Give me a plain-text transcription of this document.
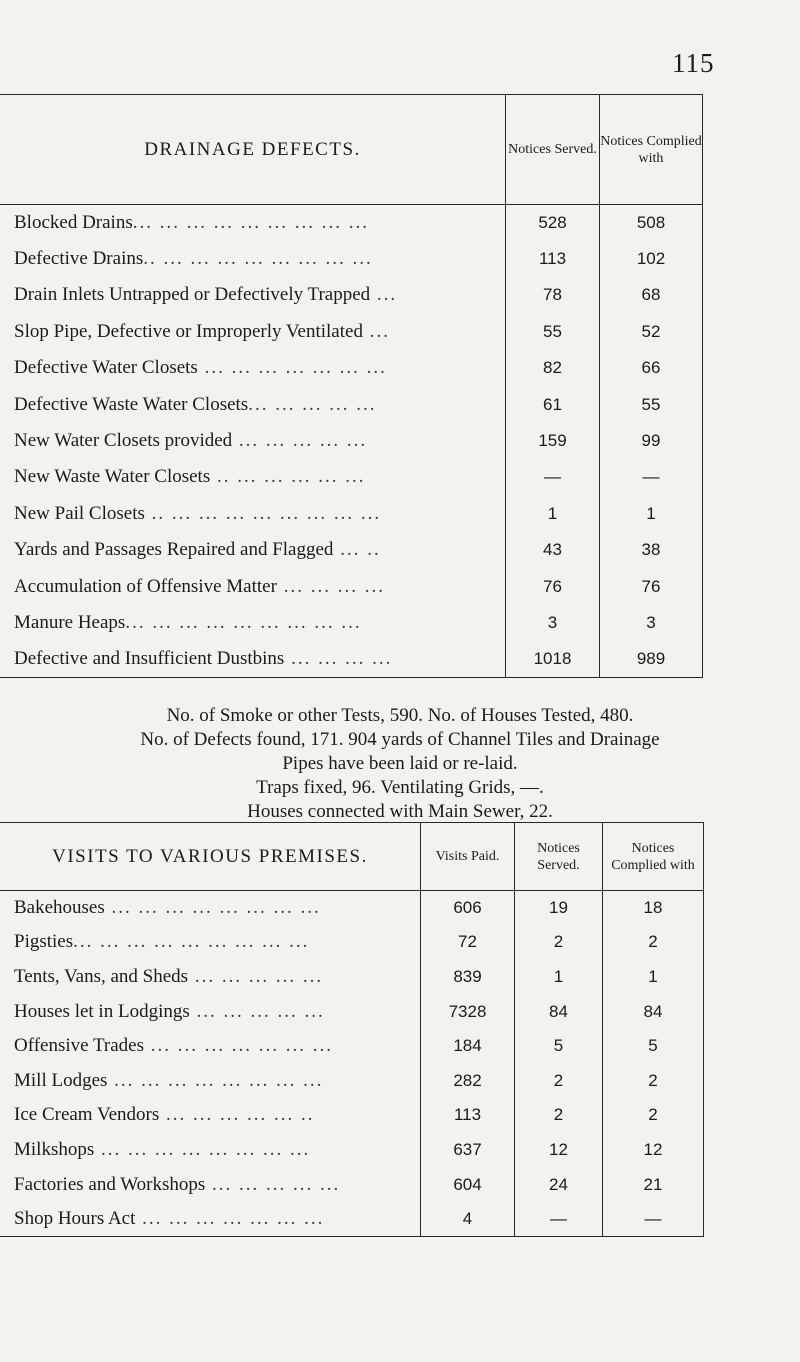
115
DRAINAGE DEFECTS.	Notices Served.	Notices Complied with
Blocked Drains... ... ... ... ... ... ... ... ...	528	508
Defective Drains.. ... ... ... ... ... ... ... ...	113	102
Drain Inlets Untrapped or Defectively Trapped ...	78	68
Slop Pipe, Defective or Improperly Ventilated ...	55	52
Defective Water Closets ... ... ... ... ... ... ...	82	66
Defective Waste Water Closets... ... ... ... ...	61	55
New Water Closets provided ... ... ... ... ...	159	99
New Waste Water Closets .. ... ... ... ... ...	—	—
New Pail Closets .. ... ... ... ... ... ... ... ...	1	1
Yards and Passages Repaired and Flagged ... ..	43	38
Accumulation of Offensive Matter ... ... ... ...	76	76
Manure Heaps... ... ... ... ... ... ... ... ...	3	3
Defective and Insufficient Dustbins ... ... ... ...	1018	989

No. of Smoke or other Tests, 590. No. of Houses Tested, 480.

No. of Defects found, 171. 904 yards of Channel Tiles and Drainage

Pipes have been laid or re-laid.

Traps fixed, 96. Ventilating Grids, —.

Houses connected with Main Sewer, 22.

VISITS TO VARIOUS PREMISES.	Visits Paid.	Notices Served.	Notices Complied with
Bakehouses ... ... ... ... ... ... ... ...	606	19	18
Pigsties... ... ... ... ... ... ... ... ...	72	2	2
Tents, Vans, and Sheds ... ... ... ... ...	839	1	1
Houses let in Lodgings ... ... ... ... ...	7328	84	84
Offensive Trades ... ... ... ... ... ... ...	184	5	5
Mill Lodges ... ... ... ... ... ... ... ...	282	2	2
Ice Cream Vendors ... ... ... ... ... ..	113	2	2
Milkshops ... ... ... ... ... ... ... ...	637	12	12
Factories and Workshops ... ... ... ... ...	604	24	21
Shop Hours Act ... ... ... ... ... ... ...	4	—	—
